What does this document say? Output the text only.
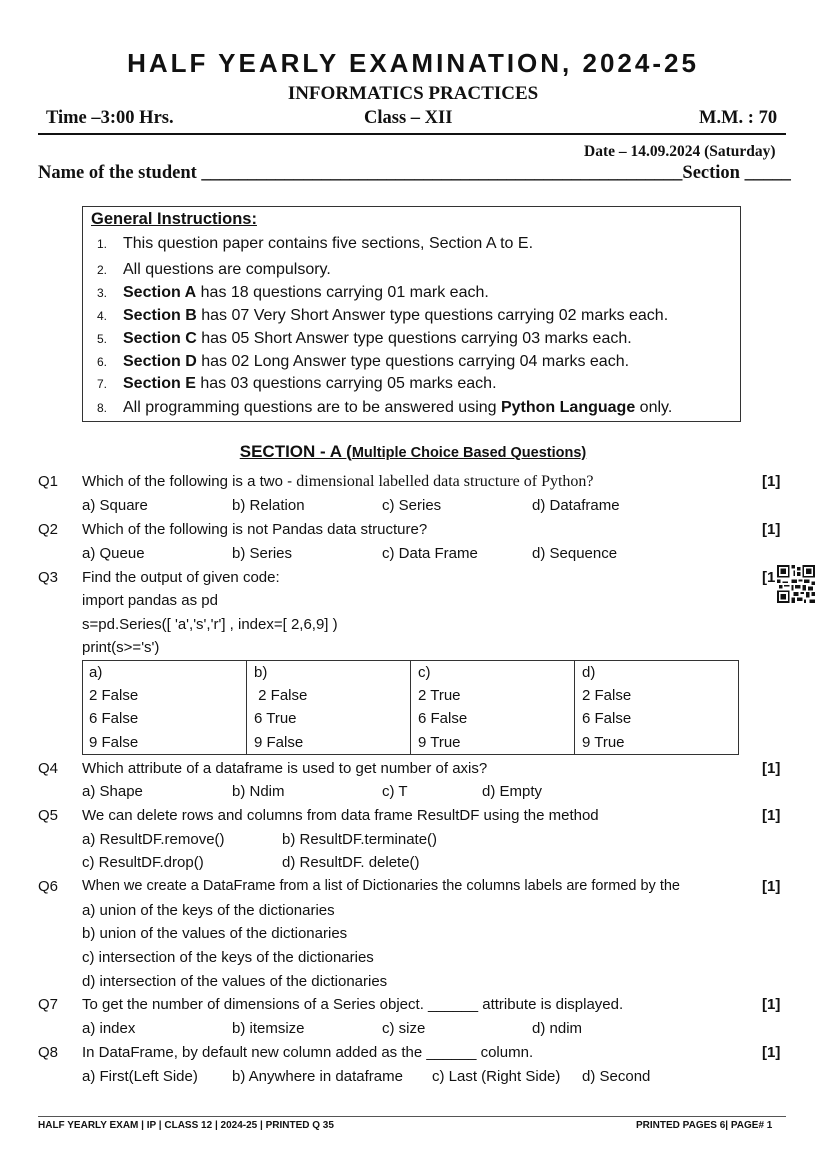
HALF YEARLY EXAMINATION, 2024-25
INFORMATICS PRACTICES
Time –3:00 Hrs.	Class – XII	M.M. : 70
Date – 14.09.2024 (Saturday)
Name of the student ____________________________________________________Section _____
General Instructions:
1. This question paper contains five sections, Section A to E.
2. All questions are compulsory.
3. Section A has 18 questions carrying 01 mark each.
4. Section B has 07 Very Short Answer type questions carrying 02 marks each.
5. Section C has 05 Short Answer type questions carrying 03 marks each.
6. Section D has 02 Long Answer type questions carrying 04 marks each.
7. Section E has 03 questions carrying 05 marks each.
8. All programming questions are to be answered using Python Language only.
SECTION - A (Multiple Choice Based Questions)
Q1 Which of the following is a two - dimensional labelled data structure of Python?	[1]
a) Square	b) Relation	c) Series	d) Dataframe
Q2 Which of the following is not Pandas data structure?	[1]
a) Queue	b) Series	c) Data Frame	d) Sequence
Q3 Find the output of given code:	[1
import pandas as pd
s=pd.Series([ 'a','s','r'] , index=[ 2,6,9] )
print(s>='s')
a)
2 False
6 False
9 False
b)
2 False
6 True
9 False
c)
2 True
6 False
9 True
d)
2 False
6 False
9 True
Q4 Which attribute of a dataframe is used to get number of axis?	[1]
a) Shape	b) Ndim	c) T	d) Empty
Q5 We can delete rows and columns from data frame ResultDF using the method	[1]
a) ResultDF.remove()	b) ResultDF.terminate()
c) ResultDF.drop()	d) ResultDF. delete()
Q6 When we create a DataFrame from a list of Dictionaries the columns labels are formed by the	[1]
a) union of the keys of the dictionaries
b) union of the values of the dictionaries
c) intersection of the keys of the dictionaries
d) intersection of the values of the dictionaries
Q7 To get the number of dimensions of a Series object. ______ attribute is displayed.	[1]
a) index	b) itemsize	c) size	d) ndim
Q8 In DataFrame, by default new column added as the ______ column.	[1]
a) First(Left Side) b) Anywhere in dataframe c) Last (Right Side) d) Second
HALF YEARLY EXAM | IP | CLASS 12 | 2024-25 | PRINTED Q 35	PRINTED PAGES 6| PAGE# 1
